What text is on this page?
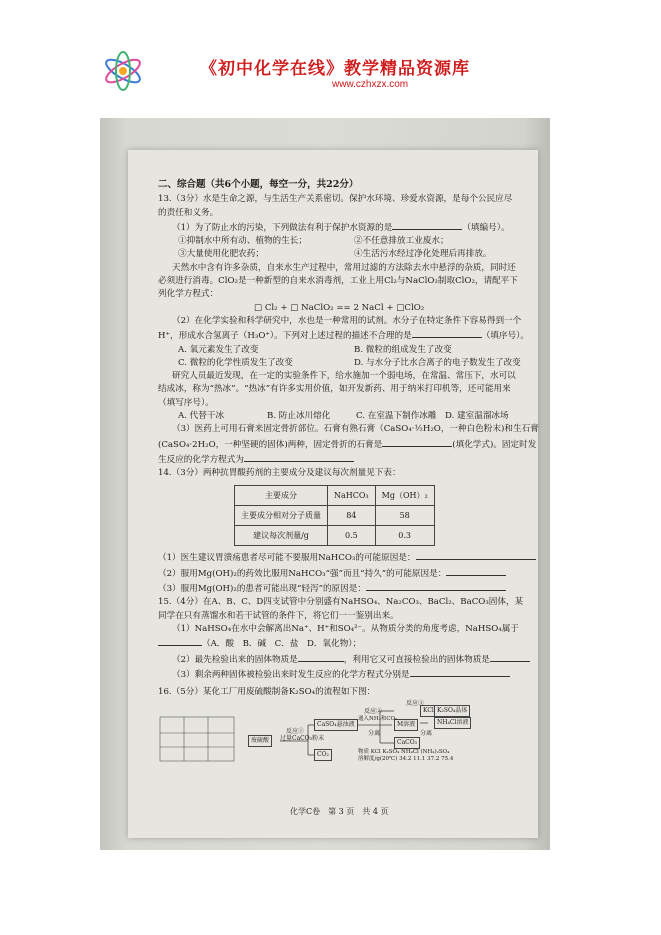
《初中化学在线》教学精品资源库
www.czhxzx.com

二、综合题（共6个小题，每空一分，共22分）

13.（3分）水是生命之源，与生活生产关系密切。保护水环境、珍爱水资源，是每个公民应尽

的责任和义务。

（1）为了防止水的污染，下列做法有利于保护水资源的是	（填编号）。

①抑制水中所有动、植物的生长；	②不任意排放工业废水；
③大量使用化肥农药；	④生活污水经过净化处理后再排放。

天然水中含有许多杂质，自来水生产过程中，常用过滤的方法除去水中悬浮的杂质，同时还

必须进行消毒。ClO₂是一种新型的自来水消毒剂，工业上用Cl₂与NaClO₂制取ClO₂，请配平下

列化学方程式：

□ Cl₂ + □ NaClO₂ == 2 NaCl + □ClO₂

（2）在化学实验和科学研究中，水也是一种常用的试剂。水分子在特定条件下容易得到一个

H⁺，形成水合氢离子（H₃O⁺）。下列对上述过程的描述不合理的是	（填序号）。

A. 氧元素发生了改变	B. 微粒的组成发生了改变
C. 微粒的化学性质发生了改变	D. 与水分子比水合离子的电子数发生了改变

研究人员最近发现，在一定的实验条件下，给水施加一个弱电场，在常温、常压下，水可以

结成冰，称为“热冰”。“热冰”有许多实用价值，如开发新药、用于纳米打印机等，还可能用来

（填写序号）。

A. 代替干冰	B. 防止冰川熔化	C. 在室温下制作冰雕 D. 建室温溜冰场

（3）医药上可用石膏来固定骨折部位。石膏有熟石膏（CaSO₄·½H₂O，一种白色粉末)和生石膏

(CaSO₄·2H₂O，一种坚硬的固体)两种，固定骨折的石膏是	(填化学式)。固定时发

生反应的化学方程式为

14.（3分）两种抗胃酸药剂的主要成分及建议每次剂量见下表：

主要成分	NaHCO₃	Mg（OH）₂
主要成分相对分子质量	84	58
建议每次剂量/g	0.5	0.3

（1）医生建议胃溃疡患者尽可能不要服用NaHCO₃的可能原因是：

（2）服用Mg(OH)₂的药效比服用NaHCO₃“强”而且“持久”的可能原因是：

（3）服用Mg(OH)₂的患者可能出现“轻泻”的原因是：

15.（4分）在A、B、C、D四支试管中分别盛有NaHSO₄、Na₂CO₃、BaCl₂、BaCO₃固体，某

同学在只有蒸馏水和若干试管的条件下，将它们一一鉴别出来。

（1）NaHSO₄在水中会解离出Na⁺、H⁺和SO₄²⁻。从物质分类的角度考虑，NaHSO₄属于

（A．酸　B．碱　C．盐　D．氧化物）；

（2）最先检验出来的固体物质是	，利用它又可直接检验出的固体物质是

（3）剩余两种固体被检验出来时发生反应的化学方程式分别是

16.（5分）某化工厂用废硫酸制备K₂SO₄的流程如下图：

废硫酸
CaSO₄悬浊液
CO₂
M溶液
CaCO₃
KCl K₂SO₄晶体
NH₄Cl溶液
反应①
过量CaCO₃粉末
反应②
通入NH₃和CO₂
分离
反应③
分离
物质 KCl K₂SO₄ NH₄Cl (NH₄)₂SO₄
溶解度/g(20℃) 34.2 11.1 37.2 75.4
化学C卷　第 3 页　共 4 页
